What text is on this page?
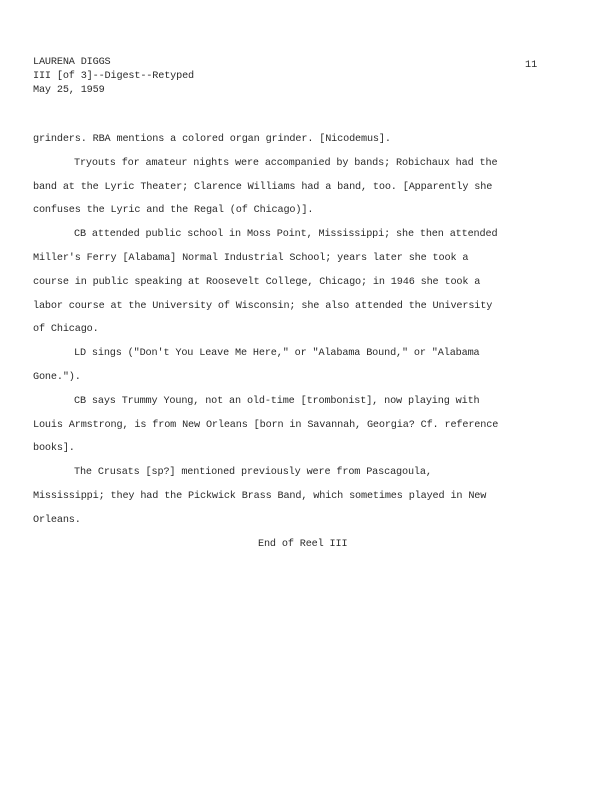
LAURENA DIGGS
III [of 3]--Digest--Retyped
May 25, 1959
11

grinders. RBA mentions a colored organ grinder. [Nicodemus].

Tryouts for amateur nights were accompanied by bands; Robichaux had the band at the Lyric Theater; Clarence Williams had a band, too. [Apparently she confuses the Lyric and the Regal (of Chicago)].

CB attended public school in Moss Point, Mississippi; she then attended Miller's Ferry [Alabama] Normal Industrial School; years later she took a course in public speaking at Roosevelt College, Chicago; in 1946 she took a labor course at the University of Wisconsin; she also attended the University of Chicago.

LD sings ("Don't You Leave Me Here," or "Alabama Bound," or "Alabama Gone.").

CB says Trummy Young, not an old-time [trombonist], now playing with Louis Armstrong, is from New Orleans [born in Savannah, Georgia? Cf. reference books].

The Crusats [sp?] mentioned previously were from Pascagoula, Mississippi; they had the Pickwick Brass Band, which sometimes played in New Orleans.

End of Reel III
